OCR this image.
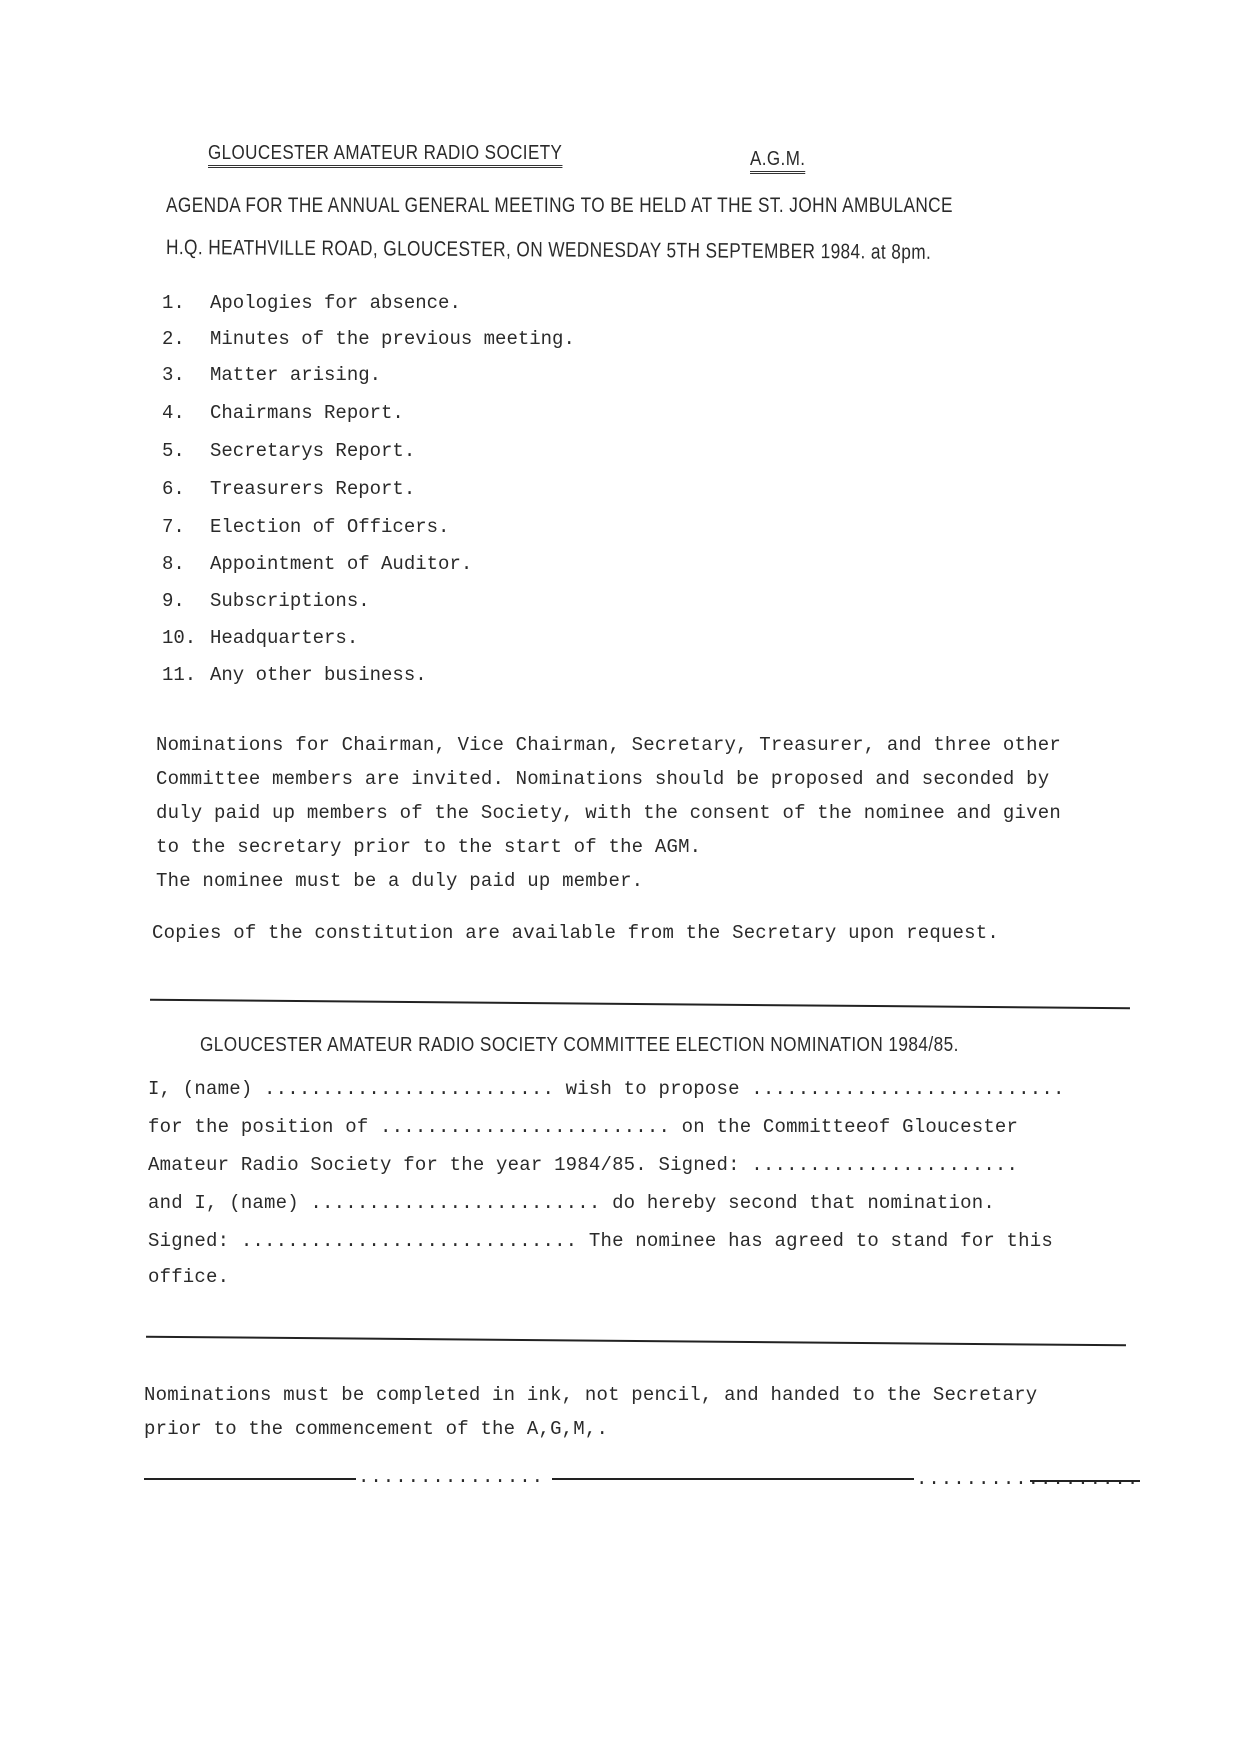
GLOUCESTER AMATEUR RADIO SOCIETY	A.G.M.
AGENDA FOR THE ANNUAL GENERAL MEETING TO BE HELD AT THE ST. JOHN AMBULANCE
H.Q. HEATHVILLE ROAD, GLOUCESTER, ON WEDNESDAY 5TH SEPTEMBER 1984. at 8pm.
1. Apologies for absence.
2. Minutes of the previous meeting.
3. Matter arising.
4. Chairmans Report.
5. Secretarys Report.
6. Treasurers Report.
7. Election of Officers.
8. Appointment of Auditor.
9. Subscriptions.
10. Headquarters.
11. Any other business.
Nominations for Chairman, Vice Chairman, Secretary, Treasurer, and three other
Committee members are invited. Nominations should be proposed and seconded by
duly paid up members of the Society, with the consent of the nominee and given
to the secretary prior to the start of the AGM.
The nominee must be a duly paid up member.
Copies of the constitution are available from the Secretary upon request.
GLOUCESTER AMATEUR RADIO SOCIETY COMMITTEE ELECTION NOMINATION 1984/85.
I, (name) ......................... wish to propose ...........................
for the position of ......................... on the Committeeof Gloucester
Amateur Radio Society for the year 1984/85. Signed: .......................
and I, (name) ......................... do hereby second that nomination.
Signed: ............................. The nominee has agreed to stand for this
office.
Nominations must be completed in ink, not pencil, and handed to the Secretary
prior to the commencement of the A,G,M,.
...............	..................
